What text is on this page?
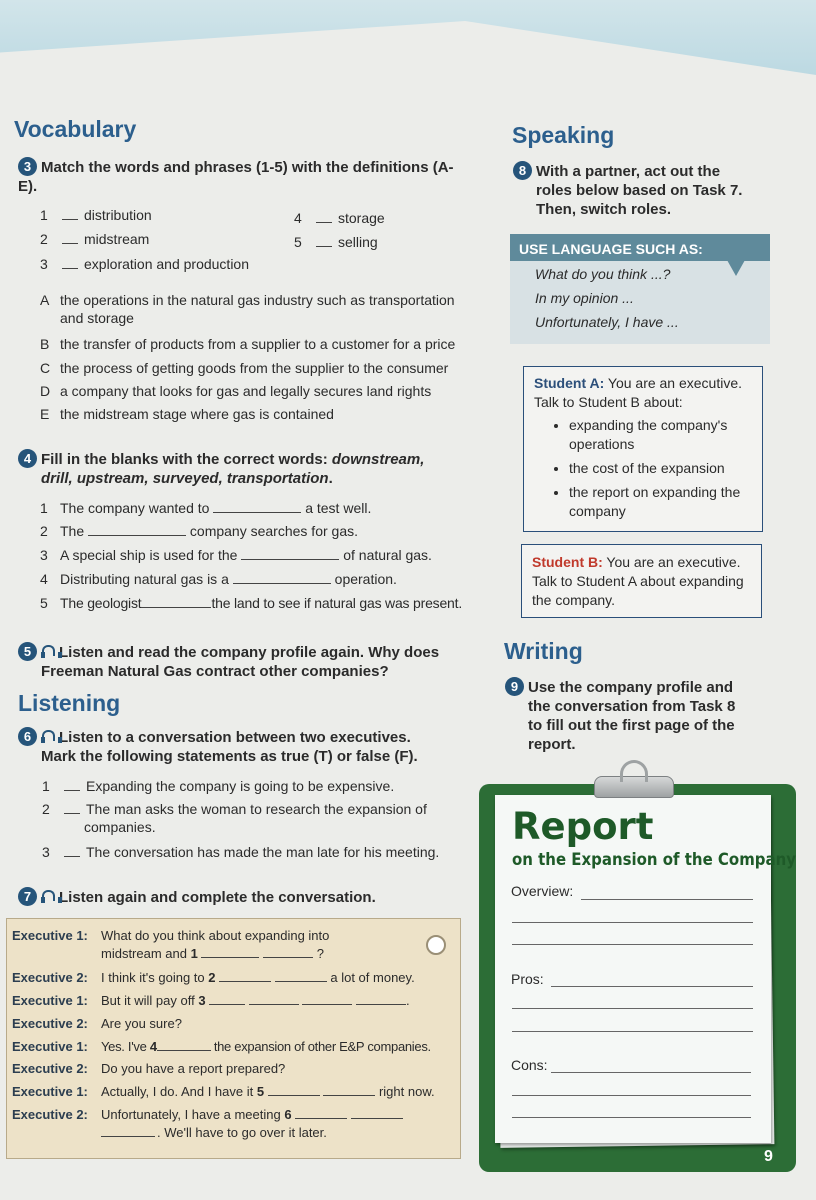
Vocabulary
3 Match the words and phrases (1-5) with the definitions (A-E).
1	distribution
2	midstream
3	exploration and production
4	storage
5	selling
A the operations in the natural gas industry such as transportation
and storage
B the transfer of products from a supplier to a customer for a price
C the process of getting goods from the supplier to the consumer
D a company that looks for gas and legally secures land rights
E the midstream stage where gas is contained
4 Fill in the blanks with the correct words: downstream,
drill, upstream, surveyed, transportation.
1 The company wanted to	a test well.
2 The	company searches for gas.
3 A special ship is used for the	of natural gas.
4 Distributing natural gas is a	operation.
5 The geologist	the land to see if natural gas was present.
5 Listen and read the company profile again. Why does
Freeman Natural Gas contract other companies?
Listening
6 Listen to a conversation between two executives.
Mark the following statements as true (T) or false (F).
1	Expanding the company is going to be expensive.
2	The man asks the woman to research the expansion of
companies.
3	The conversation has made the man late for his meeting.
7 Listen again and complete the conversation.
Executive 1:	What do you think about expanding into
midstream and 1	?
Executive 2:	I think it's going to 2	a lot of money.
Executive 1:	But it will pay off 3	.
Executive 2:	Are you sure?
Executive 1:	Yes. I've 4	the expansion of other E&P companies.
Executive 2:	Do you have a report prepared?
Executive 1:	Actually, I do. And I have it 5	right now.
Executive 2:	Unfortunately, I have a meeting 6
. We'll have to go over it later.
Speaking
8 With a partner, act out the
roles below based on Task 7.
Then, switch roles.
USE LANGUAGE SUCH AS:
What do you think ...?
In my opinion ...
Unfortunately, I have ...
Student A: You are an executive.
Talk to Student B about:
• expanding the company's
operations
• the cost of the expansion
• the report on expanding the
company
Student B: You are an executive.
Talk to Student A about expanding
the company.
Writing
9 Use the company profile and
the conversation from Task 8
to fill out the first page of the
report.
Report
on the Expansion of the Company
Overview:
Pros:
Cons:
9
